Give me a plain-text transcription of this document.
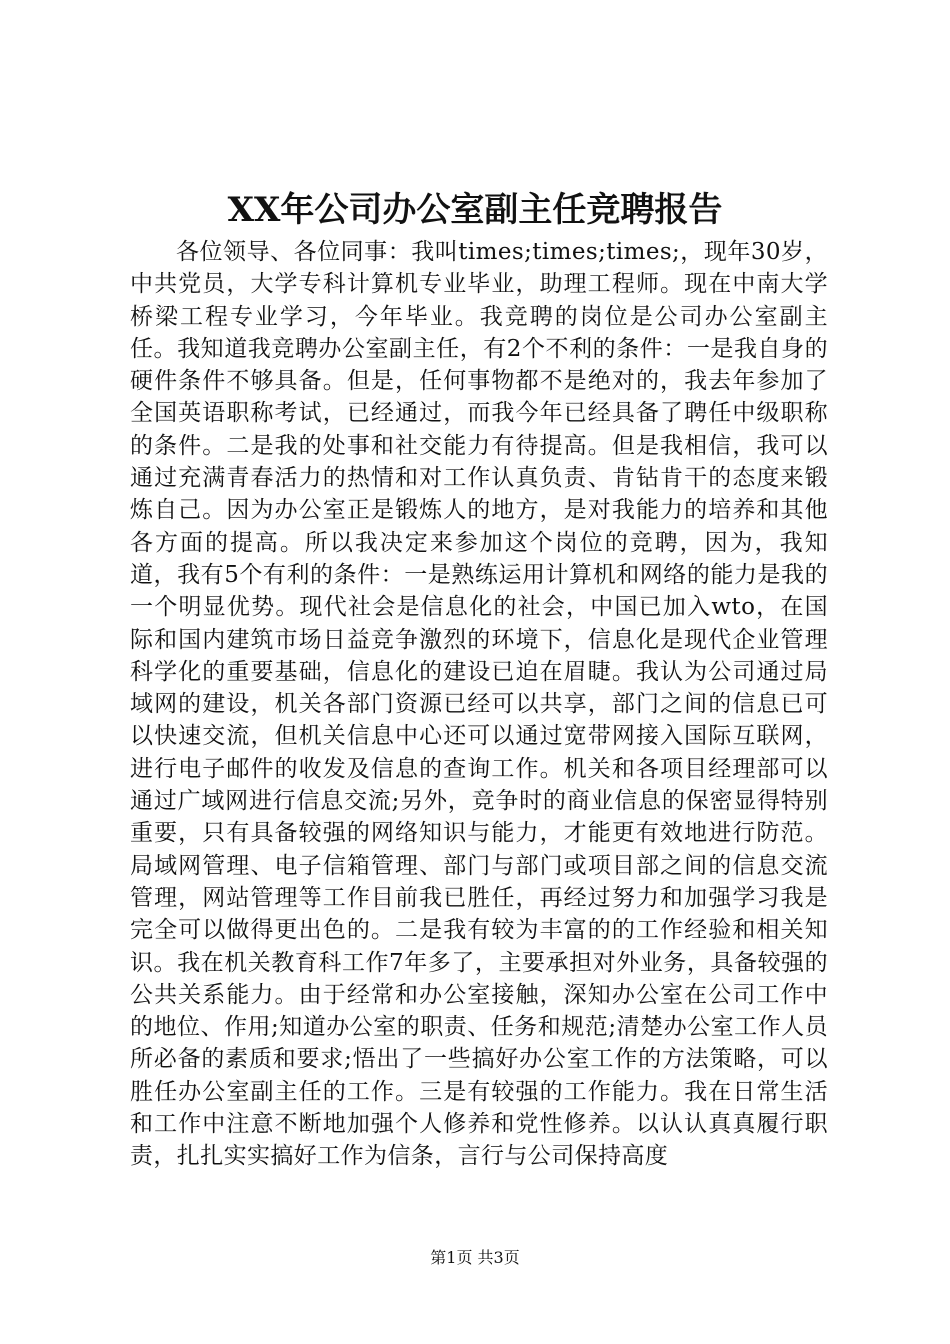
XX年公司办公室副主任竞聘报告

各位领导、各位同事：我叫times;times;times;，现年30岁，中共党员，大学专科计算机专业毕业，助理工程师。现在中南大学桥梁工程专业学习，今年毕业。我竞聘的岗位是公司办公室副主任。我知道我竞聘办公室副主任，有2个不利的条件：一是我自身的硬件条件不够具备。但是，任何事物都不是绝对的，我去年参加了全国英语职称考试，已经通过，而我今年已经具备了聘任中级职称的条件。二是我的处事和社交能力有待提高。但是我相信，我可以通过充满青春活力的热情和对工作认真负责、肯钻肯干的态度来锻炼自己。因为办公室正是锻炼人的地方，是对我能力的培养和其他各方面的提高。所以我决定来参加这个岗位的竞聘，因为，我知道，我有5个有利的条件：一是熟练运用计算机和网络的能力是我的一个明显优势。现代社会是信息化的社会，中国已加入wto，在国际和国内建筑市场日益竞争激烈的环境下，信息化是现代企业管理科学化的重要基础，信息化的建设已迫在眉睫。我认为公司通过局域网的建设，机关各部门资源已经可以共享，部门之间的信息已可以快速交流，但机关信息中心还可以通过宽带网接入国际互联网，进行电子邮件的收发及信息的查询工作。机关和各项目经理部可以通过广域网进行信息交流;另外，竞争时的商业信息的保密显得特别重要，只有具备较强的网络知识与能力，才能更有效地进行防范。局域网管理、电子信箱管理、部门与部门或项目部之间的信息交流管理，网站管理等工作目前我已胜任，再经过努力和加强学习我是完全可以做得更出色的。二是我有较为丰富的的工作经验和相关知识。我在机关教育科工作7年多了，主要承担对外业务，具备较强的公共关系能力。由于经常和办公室接触，深知办公室在公司工作中的地位、作用;知道办公室的职责、任务和规范;清楚办公室工作人员所必备的素质和要求;悟出了一些搞好办公室工作的方法策略，可以胜任办公室副主任的工作。三是有较强的工作能力。我在日常生活和工作中注意不断地加强个人修养和党性修养。以认认真真履行职责，扎扎实实搞好工作为信条，言行与公司保持高度

第1页 共3页
